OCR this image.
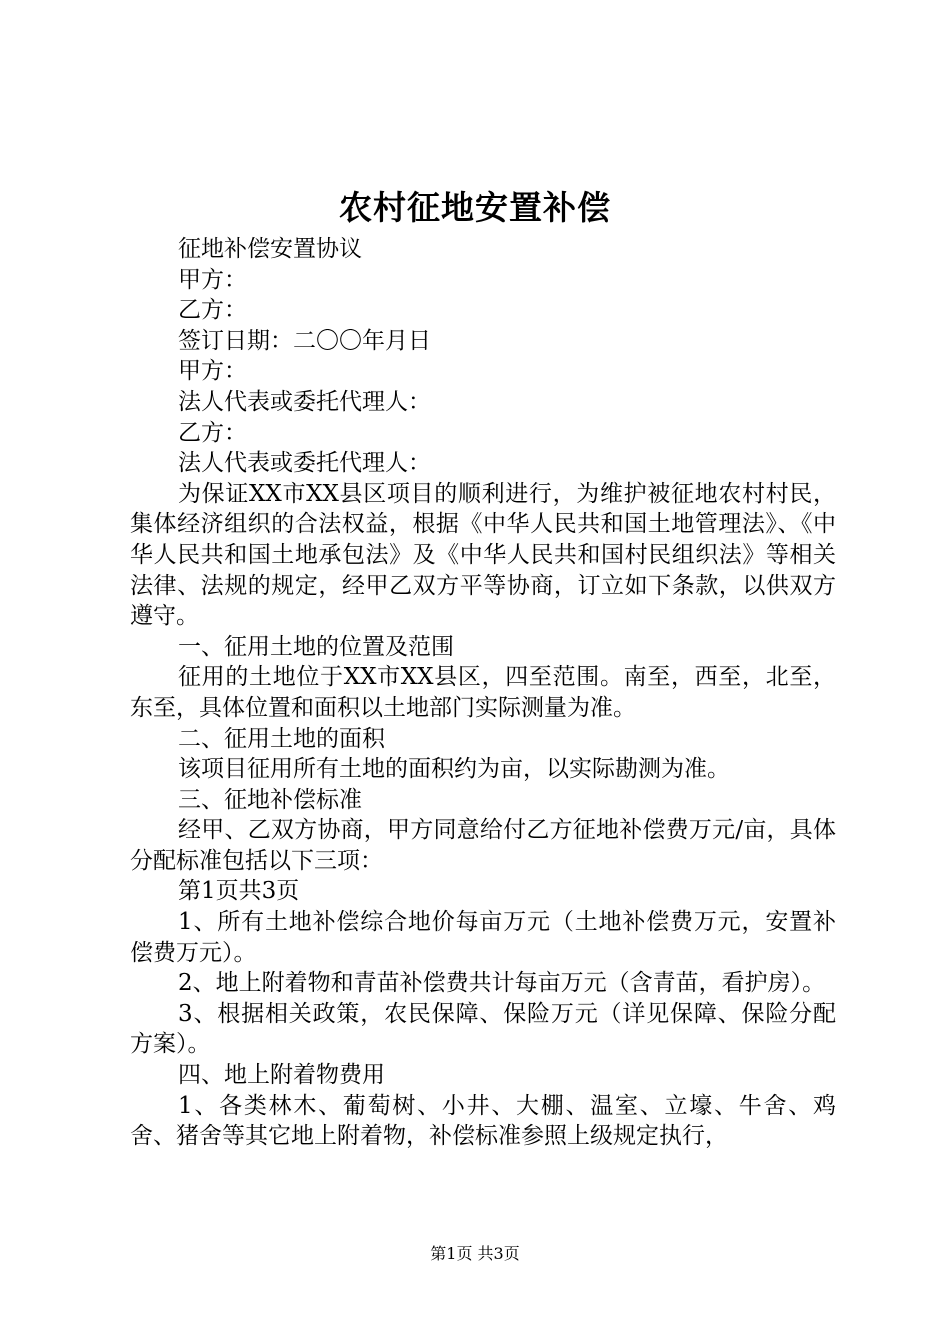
农村征地安置补偿

征地补偿安置协议

甲方：

乙方：

签订日期：二〇〇年月日

甲方：

法人代表或委托代理人：

乙方：

法人代表或委托代理人：

为保证XX市XX县区项目的顺利进行，为维护被征地农村村民，集体经济组织的合法权益，根据《中华人民共和国土地管理法》、《中华人民共和国土地承包法》及《中华人民共和国村民组织法》等相关法律、法规的规定，经甲乙双方平等协商，订立如下条款，以供双方遵守。

一、征用土地的位置及范围

征用的土地位于XX市XX县区，四至范围。南至，西至，北至，东至，具体位置和面积以土地部门实际测量为准。

二、征用土地的面积

该项目征用所有土地的面积约为亩，以实际勘测为准。

三、征地补偿标准

经甲、乙双方协商，甲方同意给付乙方征地补偿费万元/亩，具体分配标准包括以下三项：

第1页共3页

1、所有土地补偿综合地价每亩万元（土地补偿费万元，安置补偿费万元）。

2、地上附着物和青苗补偿费共计每亩万元（含青苗，看护房）。

3、根据相关政策，农民保障、保险万元（详见保障、保险分配方案）。

四、地上附着物费用

1、各类林木、葡萄树、小井、大棚、温室、立壕、牛舍、鸡舍、猪舍等其它地上附着物，补偿标准参照上级规定执行，

第1页 共3页
